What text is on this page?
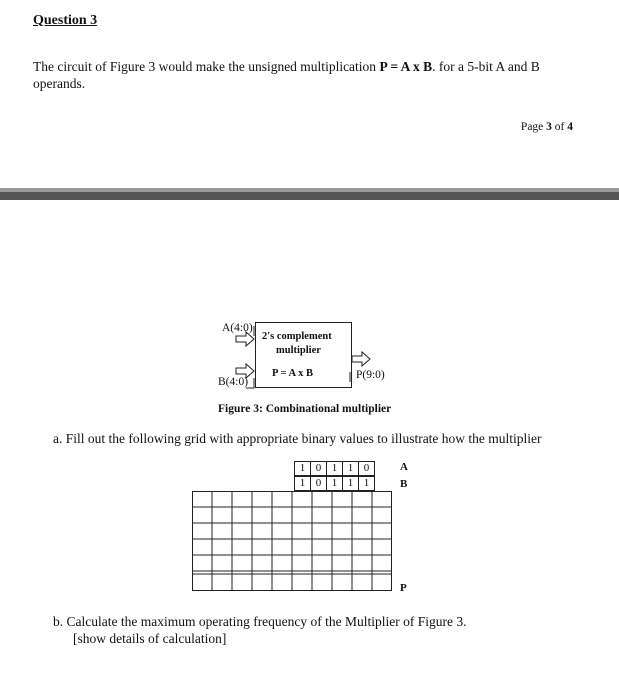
Question 3
The circuit of Figure 3 would make the unsigned multiplication P = A x B. for a 5-bit A and B operands.
Page 3 of 4
A(4:0)
B(4:0)
P(9:0)
2's complement
multiplier
P = A x B
Figure 3: Combinational multiplier
a. Fill out the following grid with appropriate binary values to illustrate how the multiplier
1 0 1 1 0	A
1 0 1 1 1	B
P
b. Calculate the maximum operating frequency of the Multiplier of Figure 3.
[show details of calculation]
